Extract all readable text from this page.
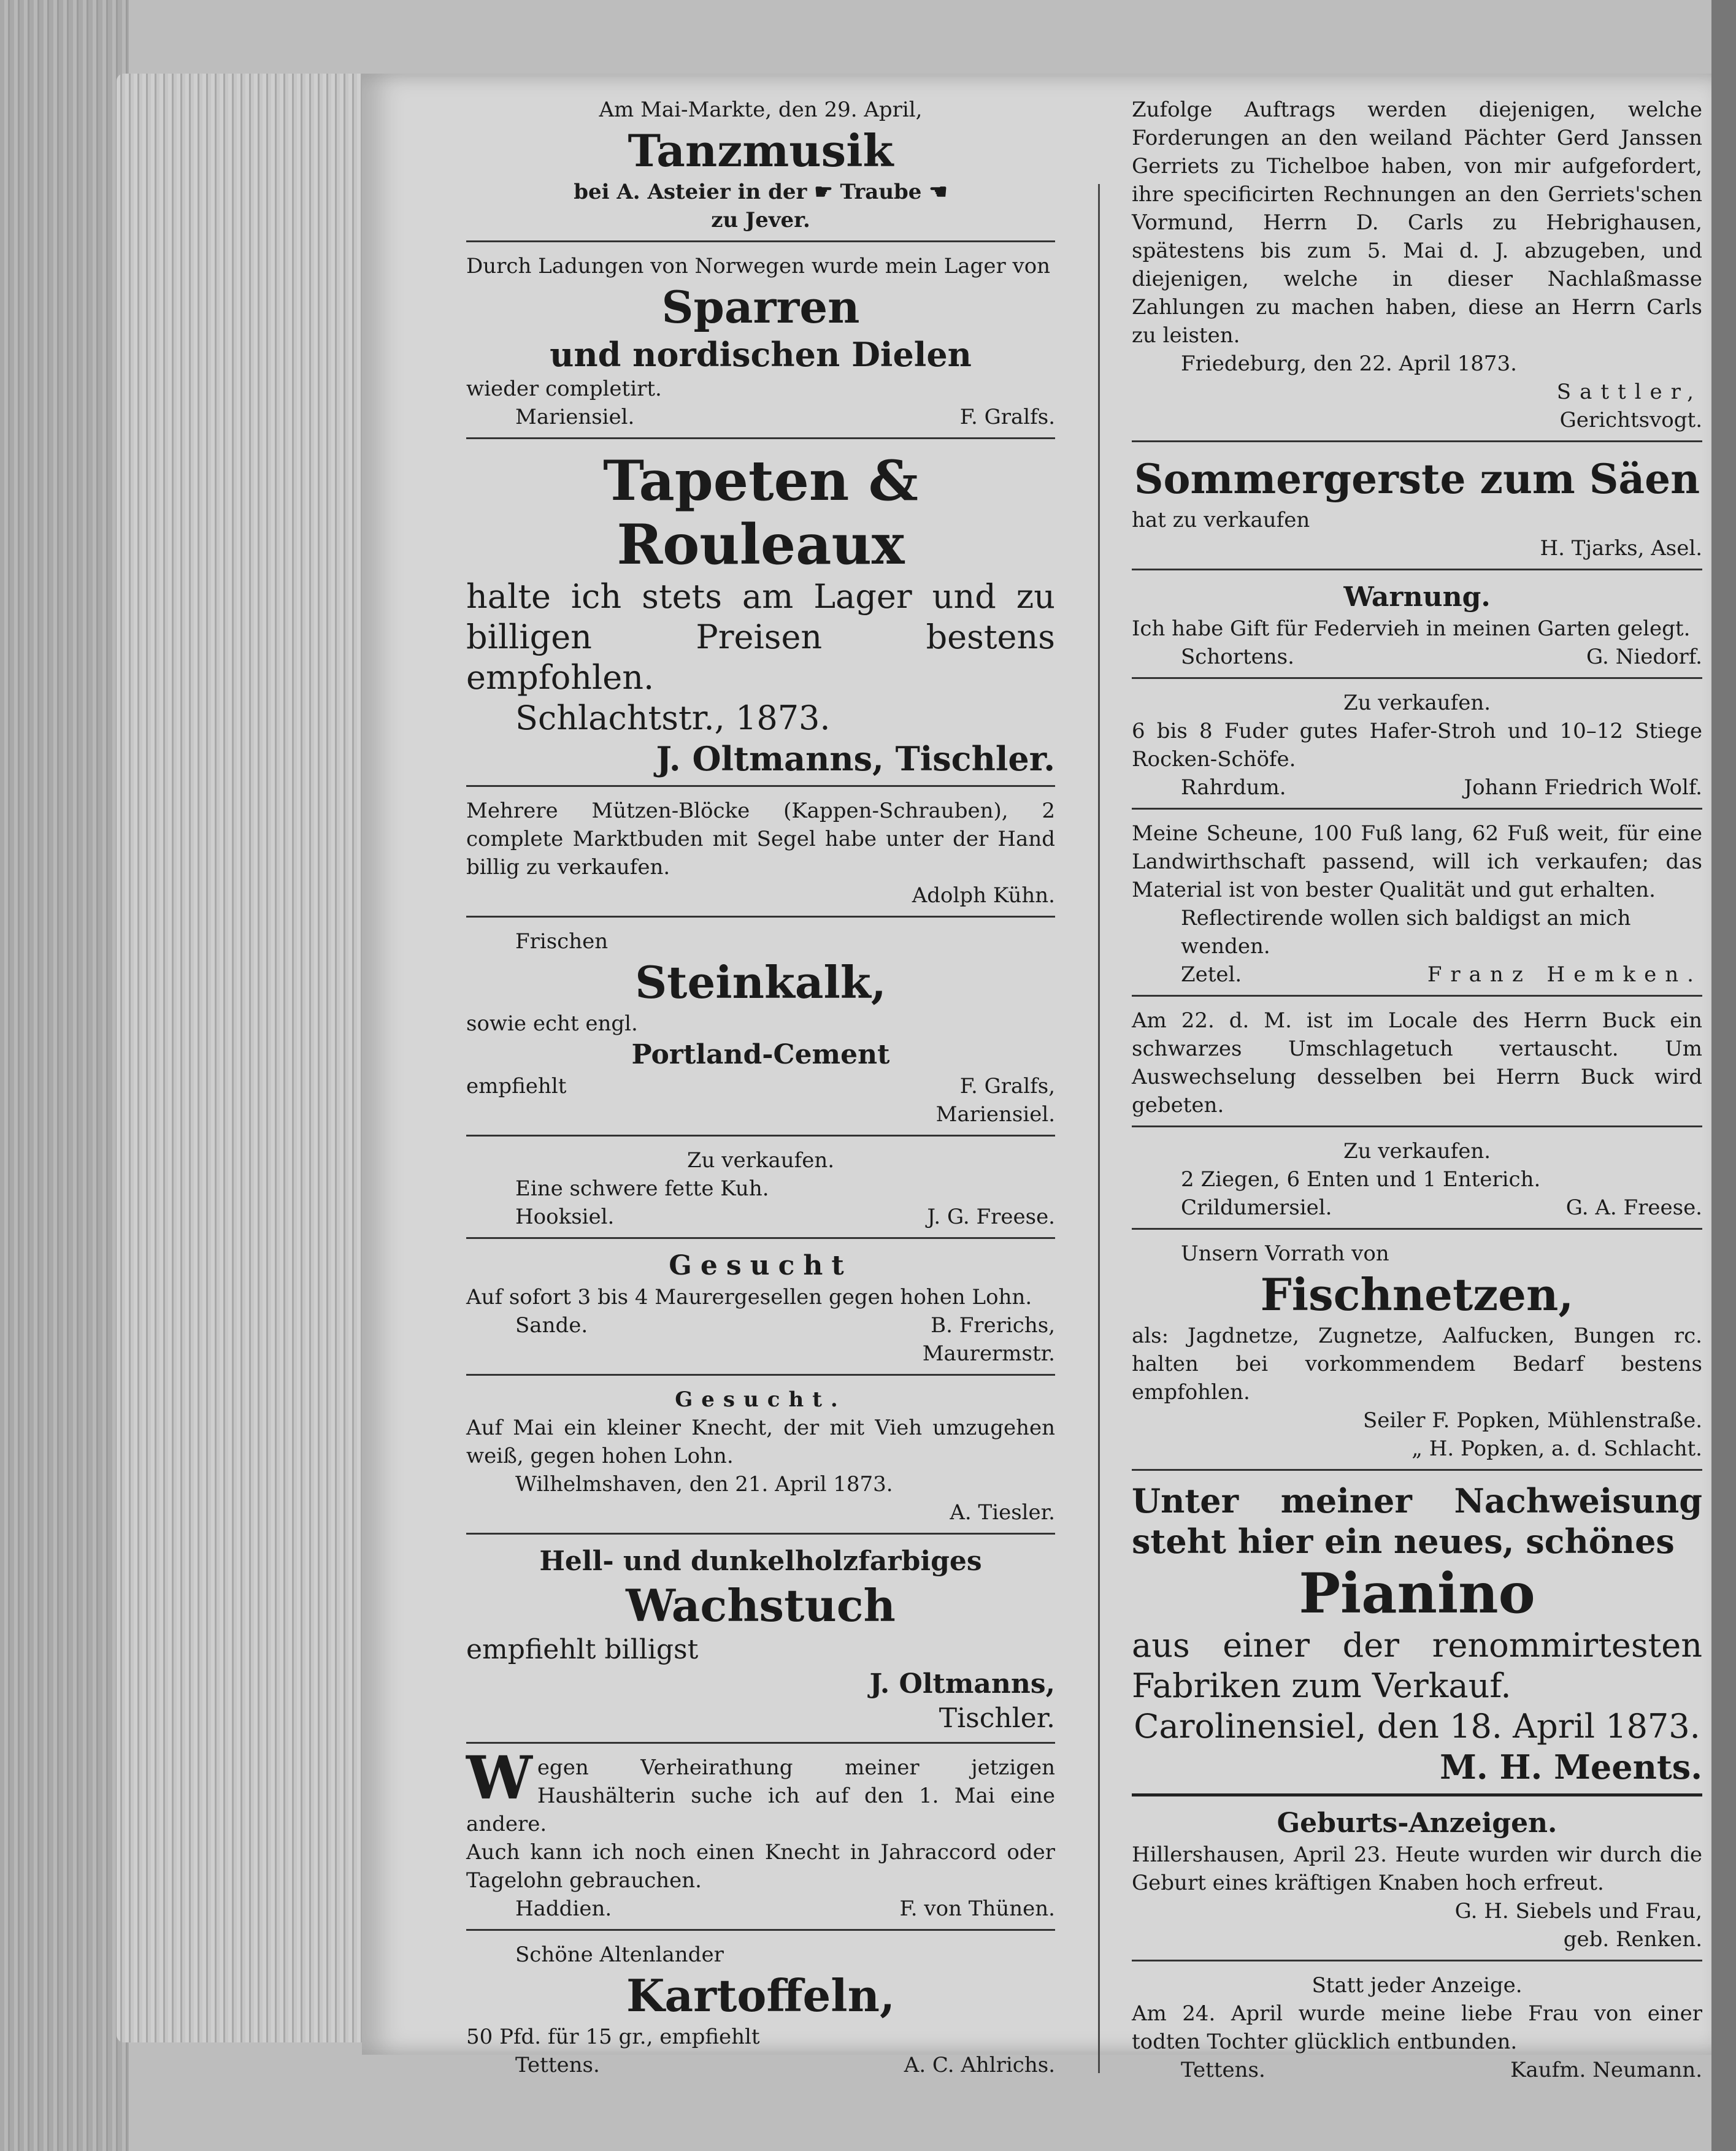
Am Mai-Markte, den 29. April,
Tanzmusik
bei A. Asteier in der ☛ Traube ☚
zu Jever.
Durch Ladungen von Norwegen wurde mein Lager von
Sparren
und nordischen Dielen
wieder completirt.
Mariensiel.	F. Gralfs.
Tapeten & Rouleaux
halte ich stets am Lager und zu billigen Preisen bestens empfohlen.
Schlachtstr., 1873.
J. Oltmanns, Tischler.
Mehrere Mützen-Blöcke (Kappen-Schrauben), 2 complete Marktbuden mit Segel habe unter der Hand billig zu verkaufen.
Adolph Kühn.
Frischen
Steinkalk,
sowie echt engl.
Portland-Cement
empfiehlt	F. Gralfs,
Mariensiel.
Zu verkaufen.
Eine schwere fette Kuh.
Hooksiel.	J. G. Freese.
Gesucht
Auf sofort 3 bis 4 Maurergesellen gegen hohen Lohn.
Sande.	B. Frerichs,
Maurermstr.
Gesucht.
Auf Mai ein kleiner Knecht, der mit Vieh umzugehen weiß, gegen hohen Lohn.
Wilhelmshaven, den 21. April 1873.
A. Tiesler.
Hell- und dunkelholzfarbiges
Wachstuch
empfiehlt billigst
J. Oltmanns,
Tischler.
W egen Verheirathung meiner jetzigen Haushälterin suche ich auf den 1. Mai eine andere.
Auch kann ich noch einen Knecht in Jahraccord oder Tagelohn gebrauchen.
Haddien.	F. von Thünen.
Schöne Altenlander
Kartoffeln,
50 Pfd. für 15 gr., empfiehlt
Tettens.	A. C. Ahlrichs.
Zufolge Auftrags werden diejenigen, welche Forderungen an den weiland Pächter Gerd Janssen Gerriets zu Tichelboe haben, von mir aufgefordert, ihre specificirten Rechnungen an den Gerriets'schen Vormund, Herrn D. Carls zu Hebrighausen, spätestens bis zum 5. Mai d. J. abzugeben, und diejenigen, welche in dieser Nachlaßmasse Zahlungen zu machen haben, diese an Herrn Carls zu leisten.
Friedeburg, den 22. April 1873.
Sattler,
Gerichtsvogt.
Sommergerste zum Säen
hat zu verkaufen
H. Tjarks, Asel.
Warnung.
Ich habe Gift für Federvieh in meinen Garten gelegt.
Schortens.	G. Niedorf.
Zu verkaufen.
6 bis 8 Fuder gutes Hafer-Stroh und 10–12 Stiege Rocken-Schöfe.
Rahrdum.	Johann Friedrich Wolf.
Meine Scheune, 100 Fuß lang, 62 Fuß weit, für eine Landwirthschaft passend, will ich verkaufen; das Material ist von bester Qualität und gut erhalten.
Reflectirende wollen sich baldigst an mich wenden.
Zetel.	Franz Hemken.
Am 22. d. M. ist im Locale des Herrn Buck ein schwarzes Umschlagetuch vertauscht. Um Auswechselung desselben bei Herrn Buck wird gebeten.
Zu verkaufen.
2 Ziegen, 6 Enten und 1 Enterich.
Crildumersiel.	G. A. Freese.
Unsern Vorrath von
Fischnetzen,
als: Jagdnetze, Zugnetze, Aalfucken, Bungen rc. halten bei vorkommendem Bedarf bestens empfohlen.
Seiler F. Popken, Mühlenstraße.
„ H. Popken, a. d. Schlacht.
Unter meiner Nachweisung steht hier ein neues, schönes
Pianino
aus einer der renommirtesten Fabriken zum Verkauf.
Carolinensiel, den 18. April 1873.
M. H. Meents.
Geburts-Anzeigen.
Hillershausen, April 23. Heute wurden wir durch die Geburt eines kräftigen Knaben hoch erfreut.
G. H. Siebels und Frau,
geb. Renken.
Statt jeder Anzeige.
Am 24. April wurde meine liebe Frau von einer todten Tochter glücklich entbunden.
Tettens.	Kaufm. Neumann.
